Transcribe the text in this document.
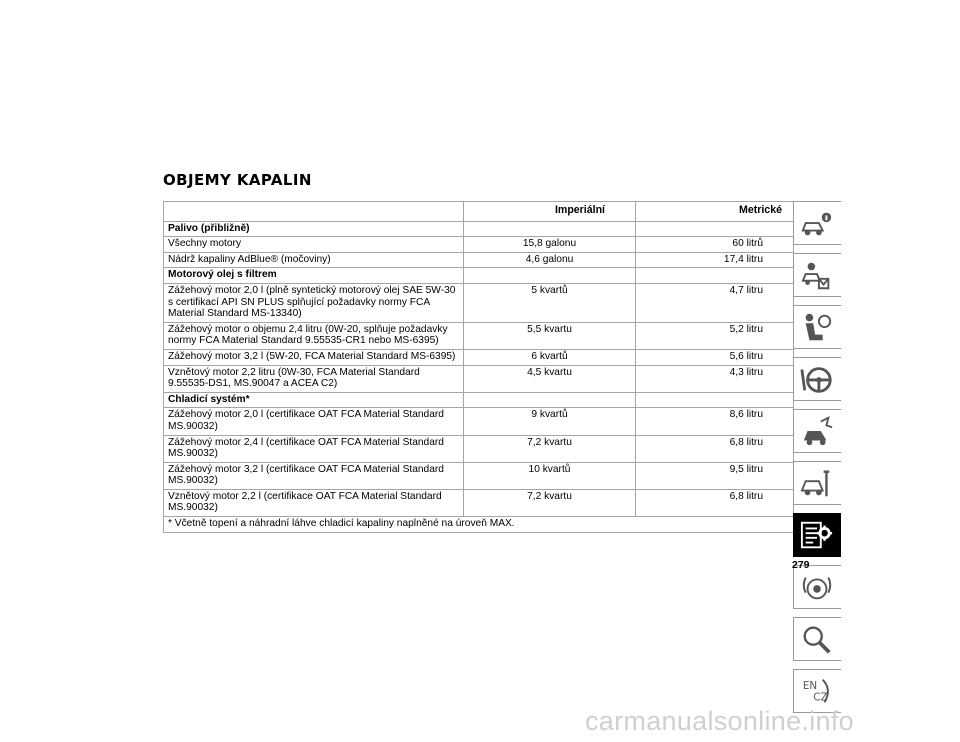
OBJEMY KAPALIN
	Imperiální	Metrické
Palivo (přibližně)		
Všechny motory	15,8 galonu	60 litrů
Nádrž kapaliny AdBlue® (močoviny)	4,6 galonu	17,4 litru
Motorový olej s filtrem		
Zážehový motor 2,0 l (plně syntetický motorový olej SAE 5W-30 s certifikací API SN PLUS splňující požadavky normy FCA Material Standard MS-13340)	5 kvartů	4,7 litru
Zážehový motor o objemu 2,4 litru (0W-20, splňuje požadavky normy FCA Material Standard 9.55535-CR1 nebo MS-6395)	5,5 kvartu	5,2 litru
Zážehový motor 3,2 l (5W-20, FCA Material Standard MS-6395)	6 kvartů	5,6 litru
Vznětový motor 2,2 litru (0W-30, FCA Material Standard 9.55535-DS1, MS.90047 a ACEA C2)	4,5 kvartu	4,3 litru
Chladicí systém*		
Zážehový motor 2,0 l (certifikace OAT FCA Material Standard MS.90032)	9 kvartů	8,6 litru
Zážehový motor 2,4 l (certifikace OAT FCA Material Standard MS.90032)	7,2 kvartu	6,8 litru
Zážehový motor 3,2 l (certifikace OAT FCA Material Standard MS.90032)	10 kvartů	9,5 litru
Vznětový motor 2,2 l (certifikace OAT FCA Material Standard MS.90032)	7,2 kvartu	6,8 litru
* Včetně topení a náhradní láhve chladicí kapaliny naplněné na úroveň MAX.		
EN
CZ
279
carmanualsonline.info
